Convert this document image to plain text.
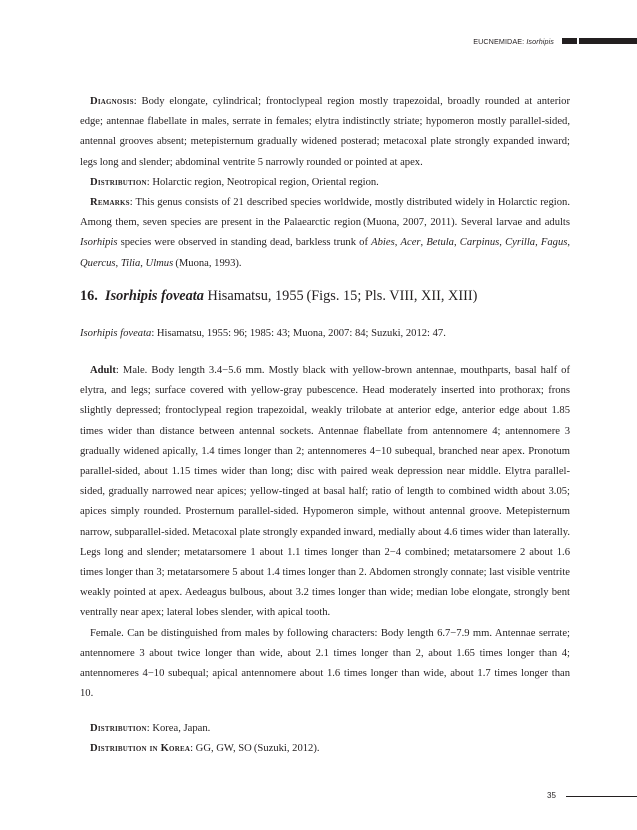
EUCNEMIDAE: Isorhipis

Diagnosis: Body elongate, cylindrical; frontoclypeal region mostly trapezoidal, broadly rounded at anterior edge; antennae flabellate in males, serrate in females; elytra indistinctly striate; hypomeron mostly parallel-sided, antennal grooves absent; metepisternum gradually widened posterad; metacoxal plate strongly expanded inward; legs long and slender; abdominal ventrite 5 narrowly rounded or pointed at apex.

Distribution: Holarctic region, Neotropical region, Oriental region.

Remarks: This genus consists of 21 described species worldwide, mostly distributed widely in Holarctic region. Among them, seven species are present in the Palaearctic region (Muona, 2007, 2011). Several larvae and adults Isorhipis species were observed in standing dead, barkless trunk of Abies, Acer, Betula, Carpinus, Cyrilla, Fagus, Quercus, Tilia, Ulmus (Muona, 1993).

16. Isorhipis foveata Hisamatsu, 1955 (Figs. 15; Pls. VIII, XII, XIII)
Isorhipis foveata: Hisamatsu, 1955: 96; 1985: 43; Muona, 2007: 84; Suzuki, 2012: 47.

Adult: Male. Body length 3.4−5.6 mm. Mostly black with yellow-brown antennae, mouthparts, basal half of elytra, and legs; surface covered with yellow-gray pubescence. Head moderately inserted into prothorax; frons slightly depressed; frontoclypeal region trapezoidal, weakly trilobate at anterior edge, anterior edge about 1.85 times wider than distance between antennal sockets. Antennae flabellate from antennomere 4; antennomere 3 gradually widened apically, 1.4 times longer than 2; antennomeres 4−10 subequal, branched near apex. Pronotum parallel-sided, about 1.15 times wider than long; disc with paired weak depression near middle. Elytra parallel-sided, gradually narrowed near apices; yellow-tinged at basal half; ratio of length to combined width about 3.05; apices simply rounded. Prosternum parallel-sided. Hypomeron simple, without antennal groove. Metepisternum narrow, subparallel-sided. Metacoxal plate strongly expanded inward, medially about 4.6 times wider than laterally. Legs long and slender; metatarsomere 1 about 1.1 times longer than 2−4 combined; metatarsomere 2 about 1.6 times longer than 3; metatarsomere 5 about 1.4 times longer than 2. Abdomen strongly connate; last visible ventrite weakly pointed at apex. Aedeagus bulbous, about 3.2 times longer than wide; median lobe elongate, strongly bent ventrally near apex; lateral lobes slender, with apical tooth.

Female. Can be distinguished from males by following characters: Body length 6.7−7.9 mm. Antennae serrate; antennomere 3 about twice longer than wide, about 2.1 times longer than 2, about 1.65 times longer than 4; antennomeres 4−10 subequal; apical antennomere about 1.6 times longer than wide, about 1.7 times longer than 10.

Distribution: Korea, Japan.

Distribution in Korea: GG, GW, SO (Suzuki, 2012).

35
